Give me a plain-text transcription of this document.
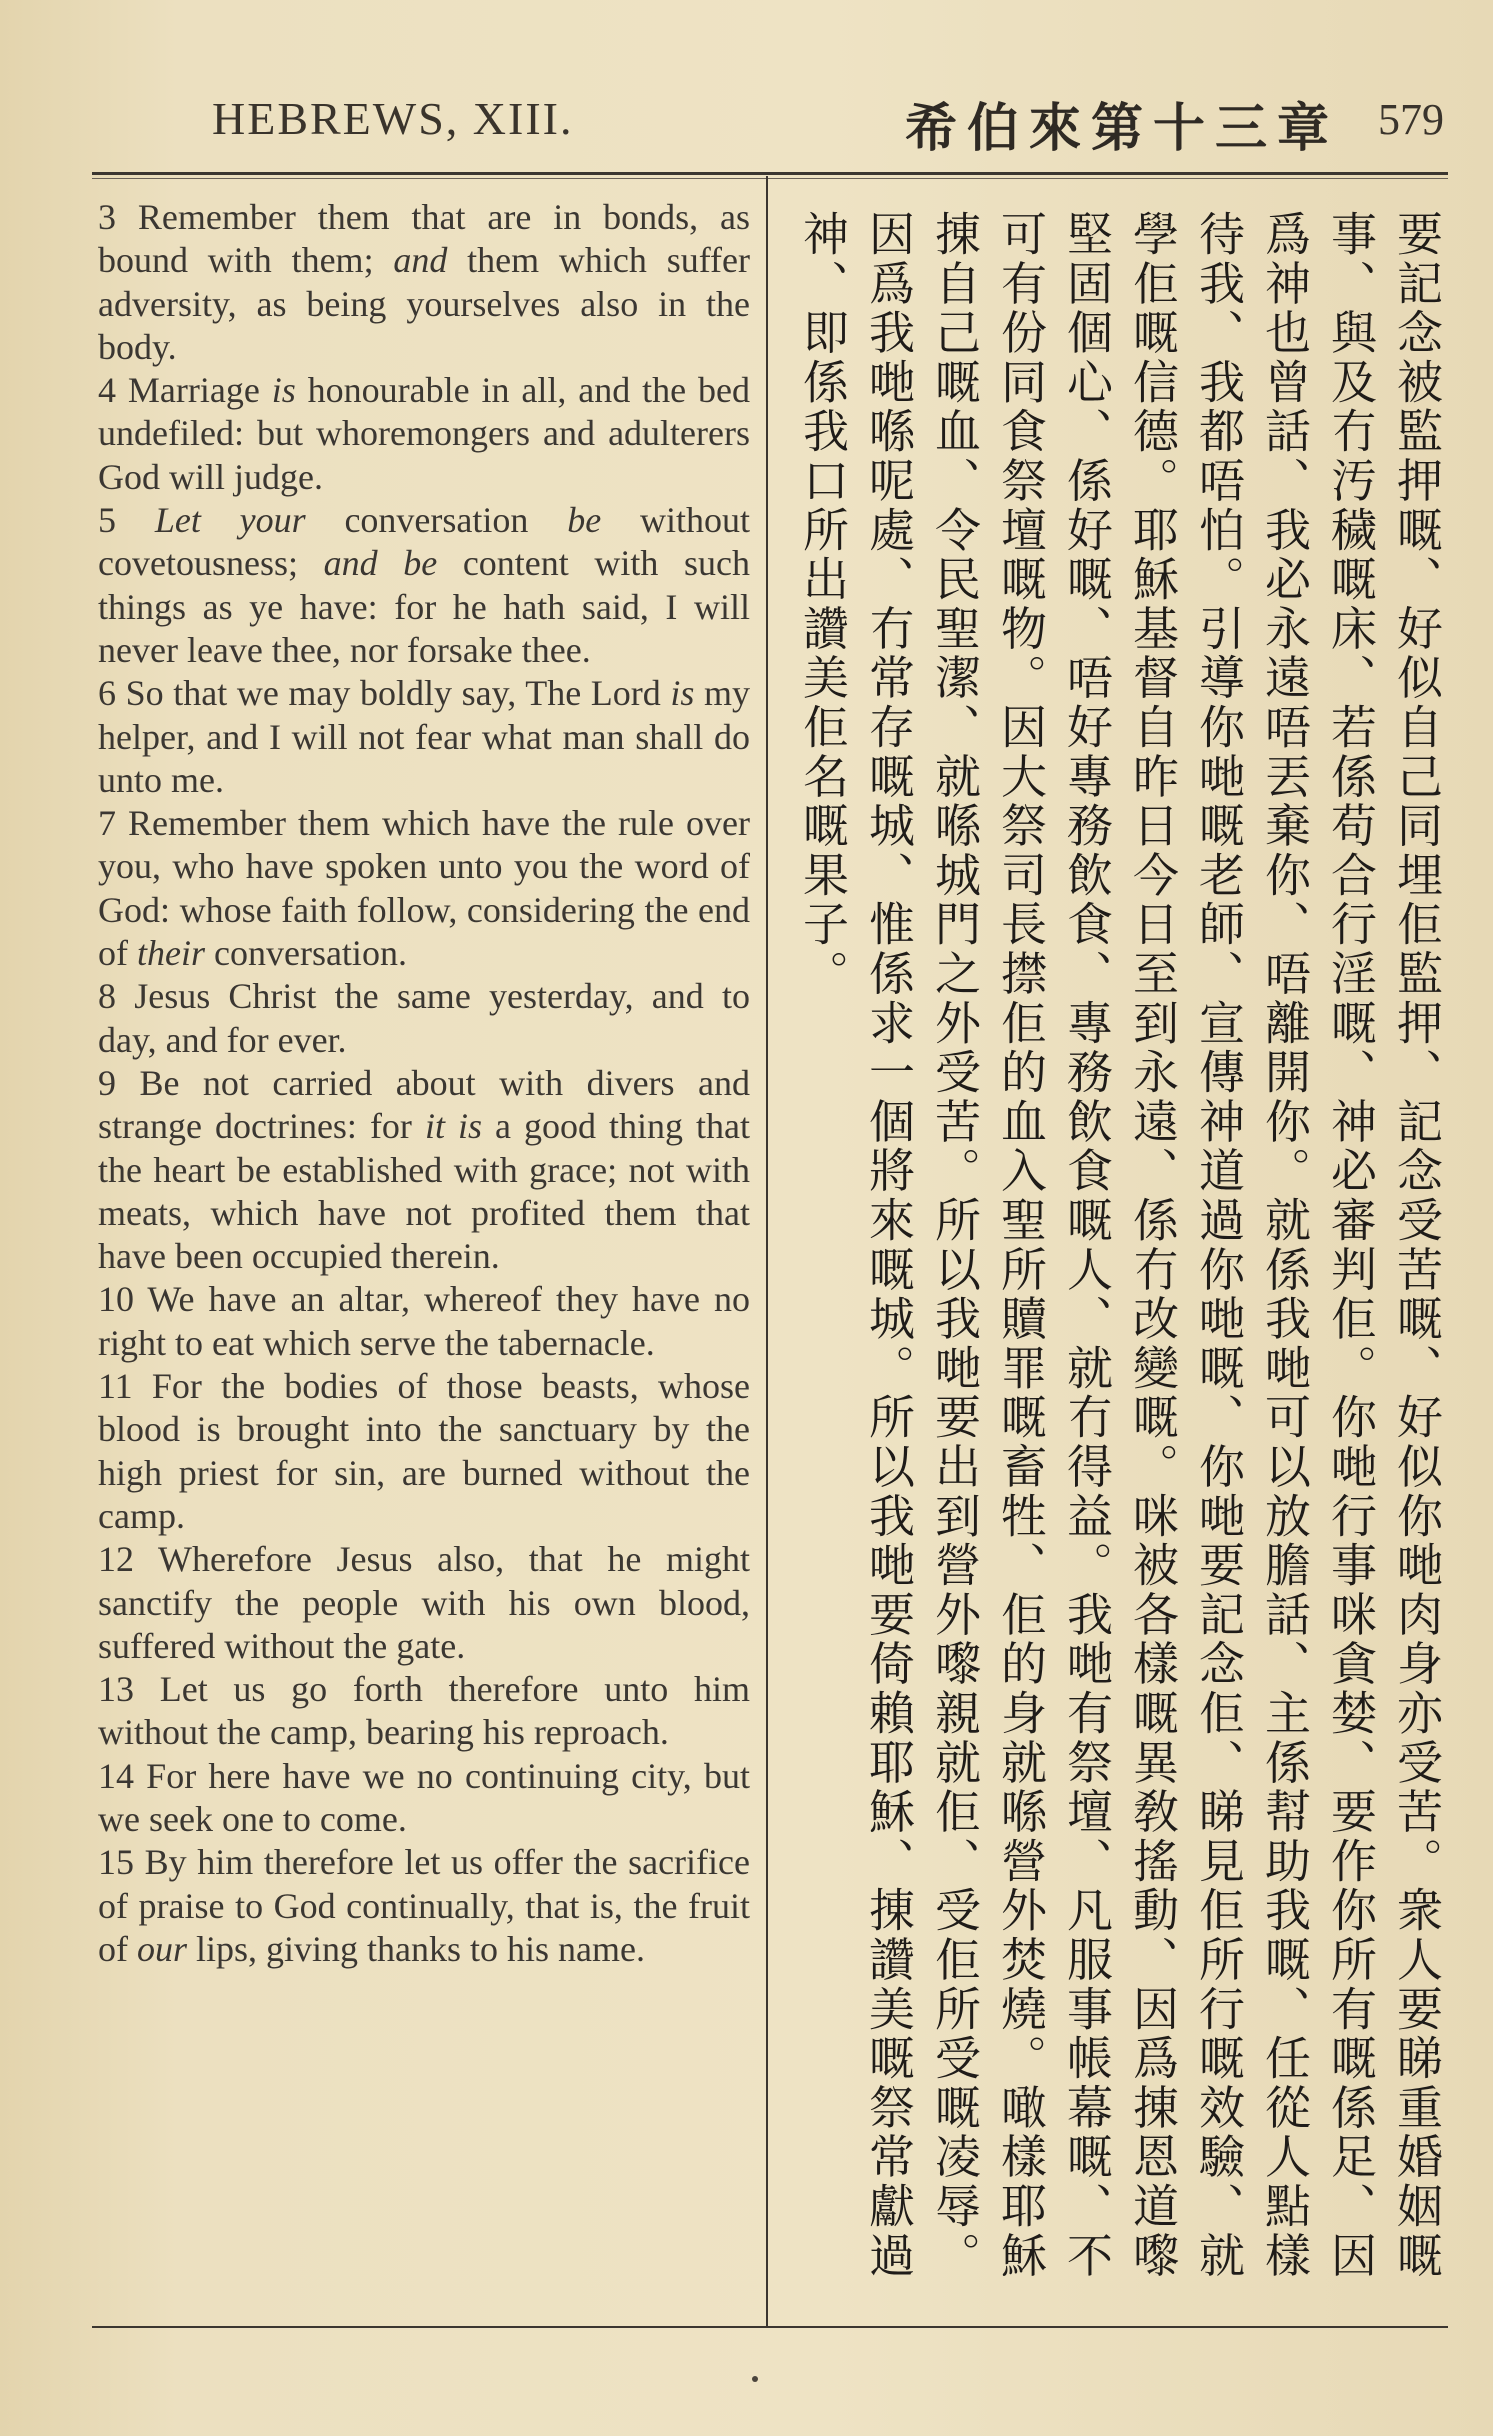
HEBREWS, XIII.	希伯來第十三章 579

3 Remember them that are in bonds, as bound with them; and them which suffer adversity, as being yourselves also in the body.

4 Marriage is honourable in all, and the bed undefiled: but whoremongers and adulterers God will judge.

5 Let your conversation be without covetousness; and be content with such things as ye have: for he hath said, I will never leave thee, nor forsake thee.

6 So that we may boldly say, The Lord is my helper, and I will not fear what man shall do unto me.

7 Remember them which have the rule over you, who have spoken unto you the word of God: whose faith follow, considering the end of their conversation.

8 Jesus Christ the same yesterday, and to day, and for ever.

9 Be not carried about with divers and strange doctrines: for it is a good thing that the heart be established with grace; not with meats, which have not profited them that have been occupied therein.

10 We have an altar, whereof they have no right to eat which serve the tabernacle.

11 For the bodies of those beasts, whose blood is brought into the sanctuary by the high priest for sin, are burned without the camp.

12 Wherefore Jesus also, that he might sanctify the people with his own blood, suffered without the gate.

13 Let us go forth therefore unto him without the camp, bearing his reproach.

14 For here have we no continuing city, but we seek one to come.

15 By him therefore let us offer the sacrifice of praise to God continually, that is, the fruit of our lips, giving thanks to his name.	要記念被監押嘅、好似自己同埋佢監押、記念受苦嘅、好似你哋肉身亦受苦。衆人要睇重婚姻嘅事、與及冇汚穢嘅床、若係苟合行淫嘅、神必審判佢。你哋行事咪貪婪、要作你所有嘅係足、因爲神也曾話、我必永遠唔丟棄你、唔離開你。就係我哋可以放膽話、主係幇助我嘅、任從人點樣待我、我都唔怕。引導你哋嘅老師、宣傳神道過你哋嘅、你哋要記念佢、睇見佢所行嘅效驗、就學佢嘅信德。耶穌基督自昨日今日至到永遠、係冇改變嘅。咪被各樣嘅異敎搖動、因爲㨂恩道嚟堅固個心、係好嘅、唔好專務飲食、專務飲食嘅人、就冇得益。我哋有祭壇、凡服事帳幕嘅、不可有份同食祭壇嘅物。因大祭司長㩒佢的血入聖所贖罪嘅畜牲、佢的身就喺營外焚燒。噉樣耶穌㨂自己嘅血、令民聖潔、就喺城門之外受苦。所以我哋要出到營外嚟親就佢、受佢所受嘅凌辱。因爲我哋喺呢處、冇常存嘅城、惟係求一個將來嘅城。所以我哋要倚賴耶穌、㨂讚美嘅祭常獻過神、即係我口所出讚美佢名嘅果子。
